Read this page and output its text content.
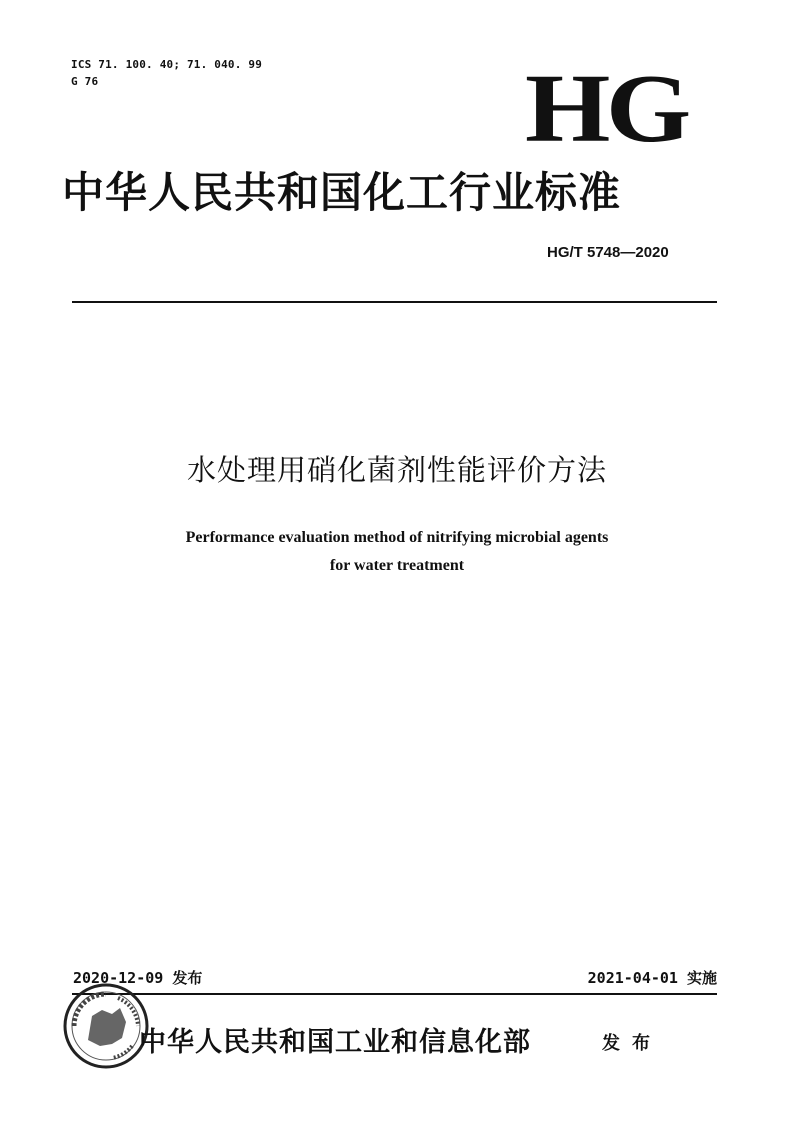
ICS 71. 100. 40; 71. 040. 99
G 76	HG
中华人民共和国化工行业标准
HG/T 5748—2020
水处理用硝化菌剂性能评价方法
Performance evaluation method of nitrifying microbial agents
for water treatment
2020-12-09 发布	2021-04-01 实施
中华人民共和国工业和信息化部	发布
